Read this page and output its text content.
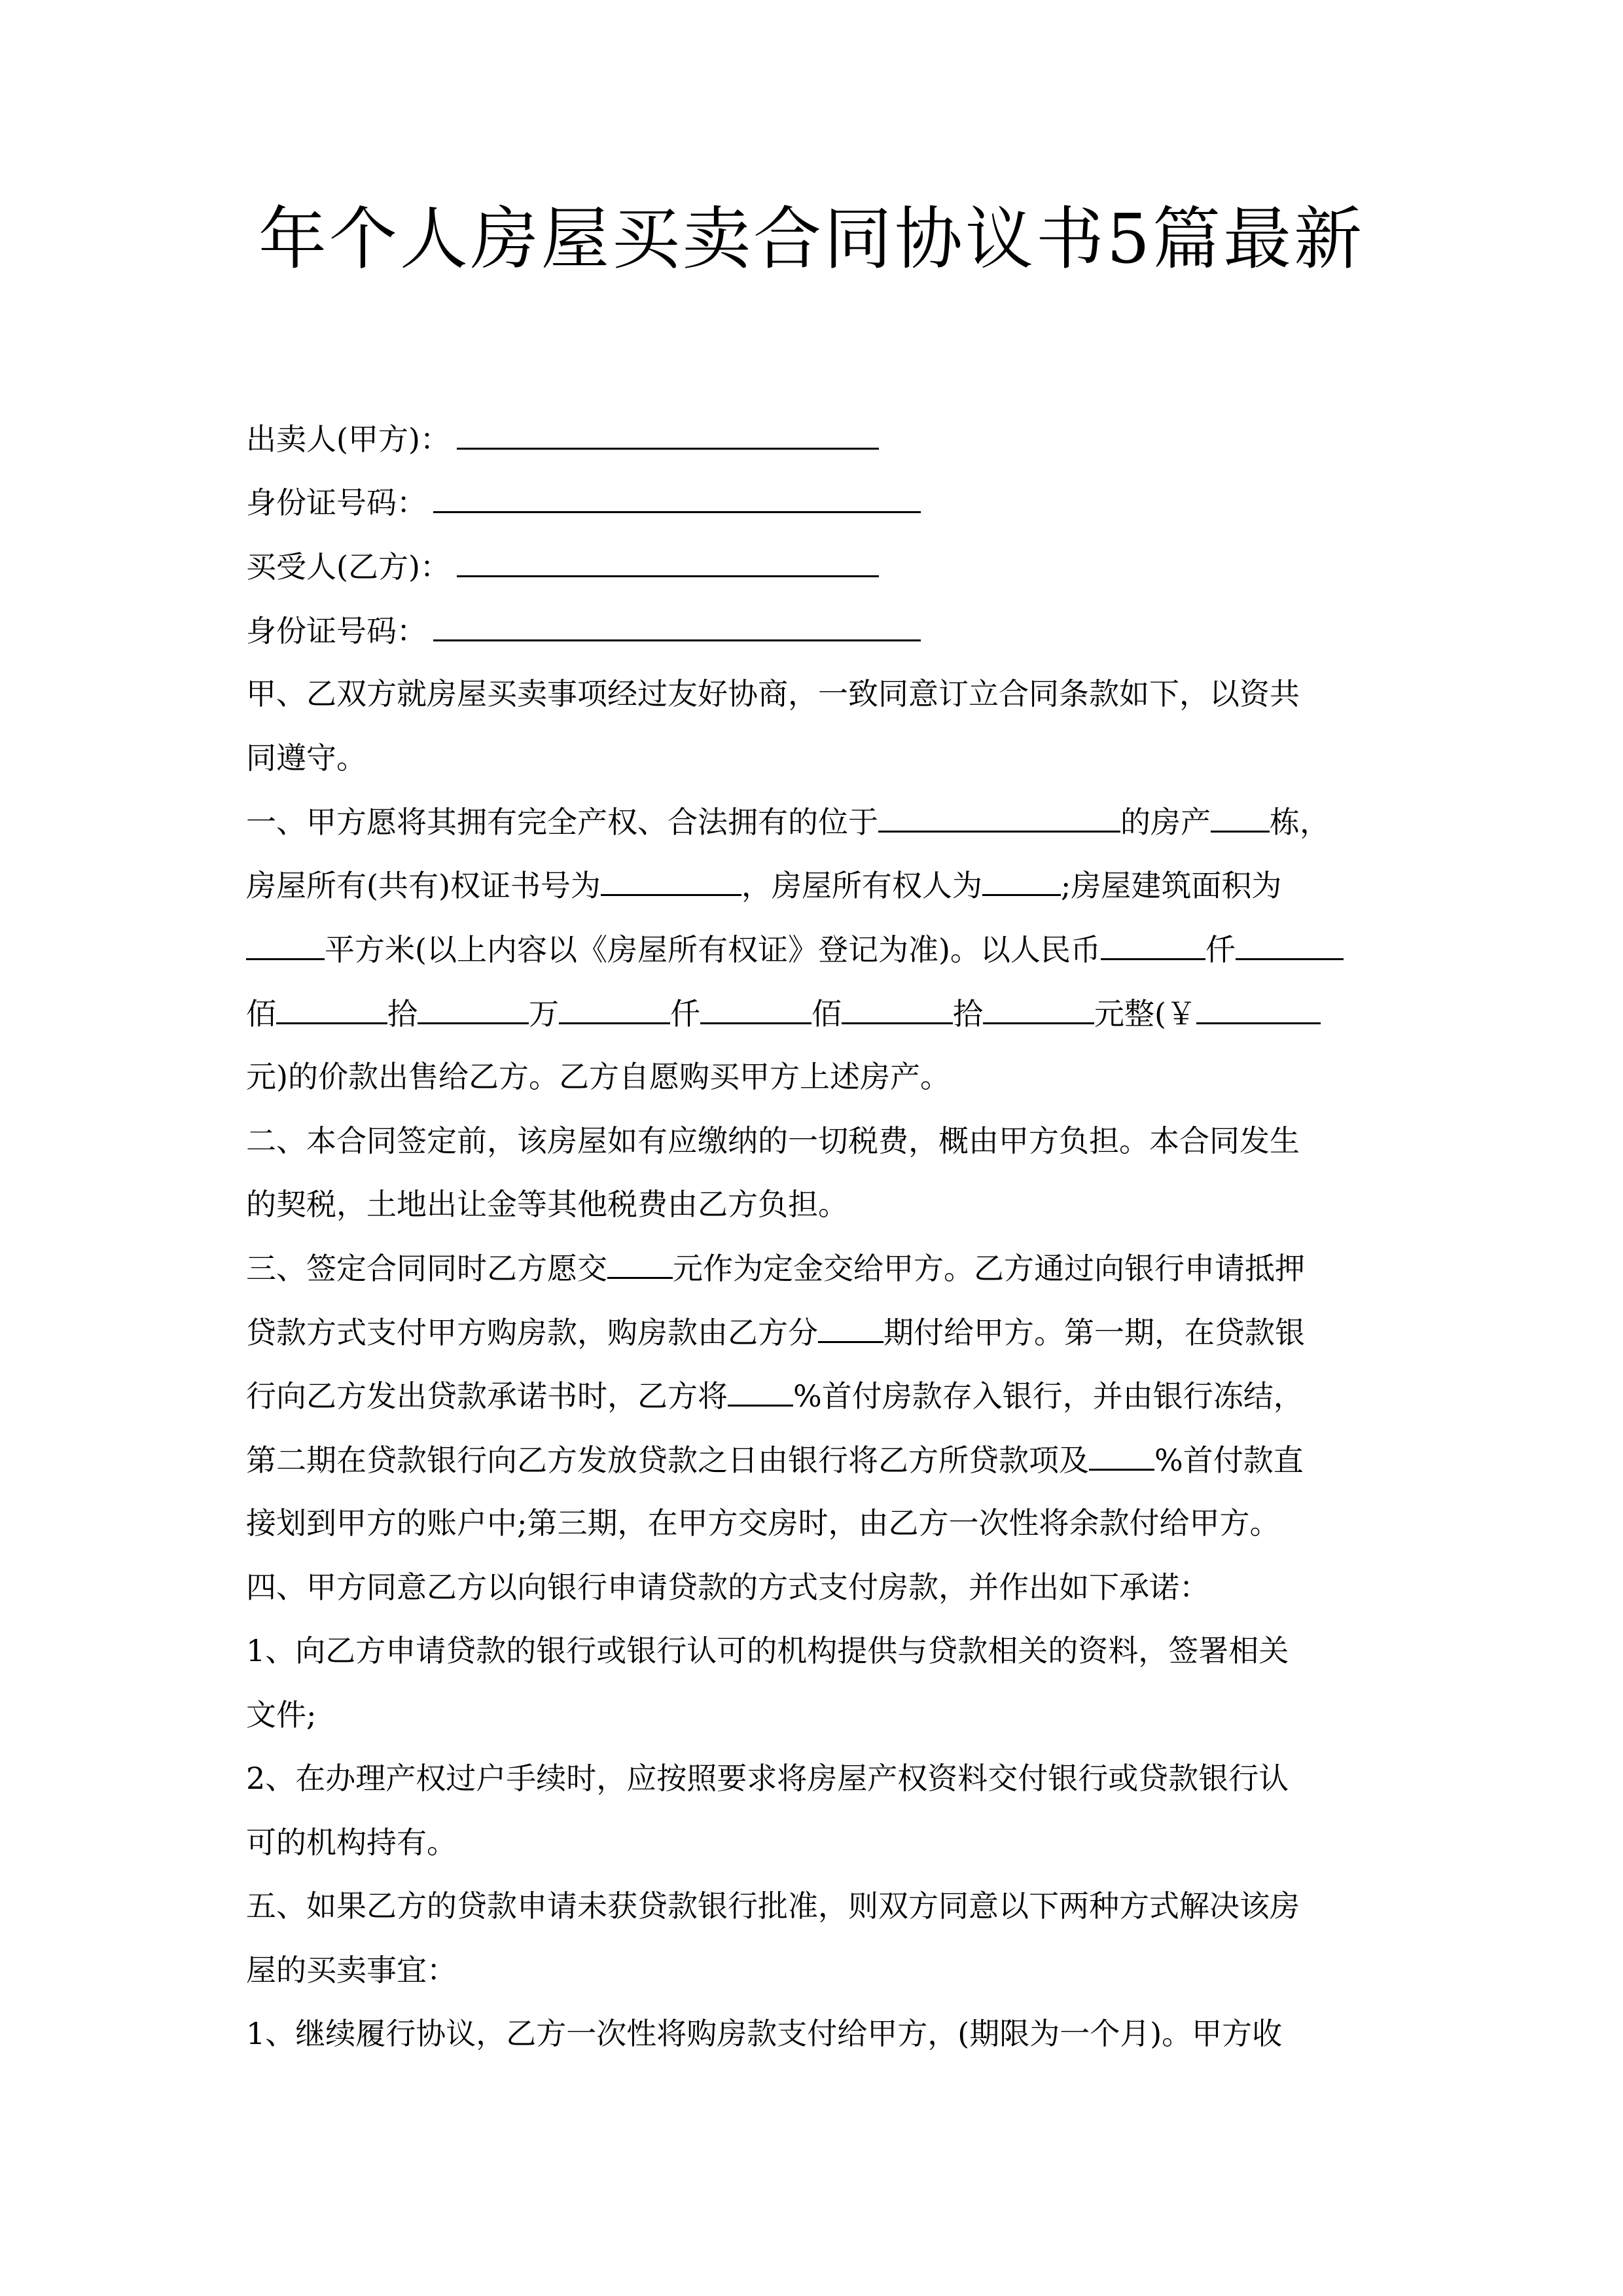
年个人房屋买卖合同协议书5篇最新
出卖人(甲方)：
身份证号码：
买受人(乙方)：
身份证号码：
甲、乙双方就房屋买卖事项经过友好协商，一致同意订立合同条款如下，以资共
同遵守。
一、甲方愿将其拥有完全产权、合法拥有的位于	的房产 栋，
房屋所有(共有)权证书号为	，房屋所有权人为	;房屋建筑面积为
平方米(以上内容以《房屋所有权证》登记为准)。以人民币	仟
佰	拾	万	仟	佰	拾	元整(￥
元)的价款出售给乙方。乙方自愿购买甲方上述房产。
二、本合同签定前，该房屋如有应缴纳的一切税费，概由甲方负担。本合同发生
的契税，土地出让金等其他税费由乙方负担。
三、签定合同同时乙方愿交 元作为定金交给甲方。乙方通过向银行申请抵押
贷款方式支付甲方购房款，购房款由乙方分 期付给甲方。第一期，在贷款银
行向乙方发出贷款承诺书时，乙方将 %首付房款存入银行，并由银行冻结，
第二期在贷款银行向乙方发放贷款之日由银行将乙方所贷款项及 %首付款直
接划到甲方的账户中;第三期，在甲方交房时，由乙方一次性将余款付给甲方。
四、甲方同意乙方以向银行申请贷款的方式支付房款，并作出如下承诺：
1、向乙方申请贷款的银行或银行认可的机构提供与贷款相关的资料，签署相关
文件;
2、在办理产权过户手续时，应按照要求将房屋产权资料交付银行或贷款银行认
可的机构持有。
五、如果乙方的贷款申请未获贷款银行批准，则双方同意以下两种方式解决该房
屋的买卖事宜：
1、继续履行协议，乙方一次性将购房款支付给甲方，(期限为一个月)。甲方收
